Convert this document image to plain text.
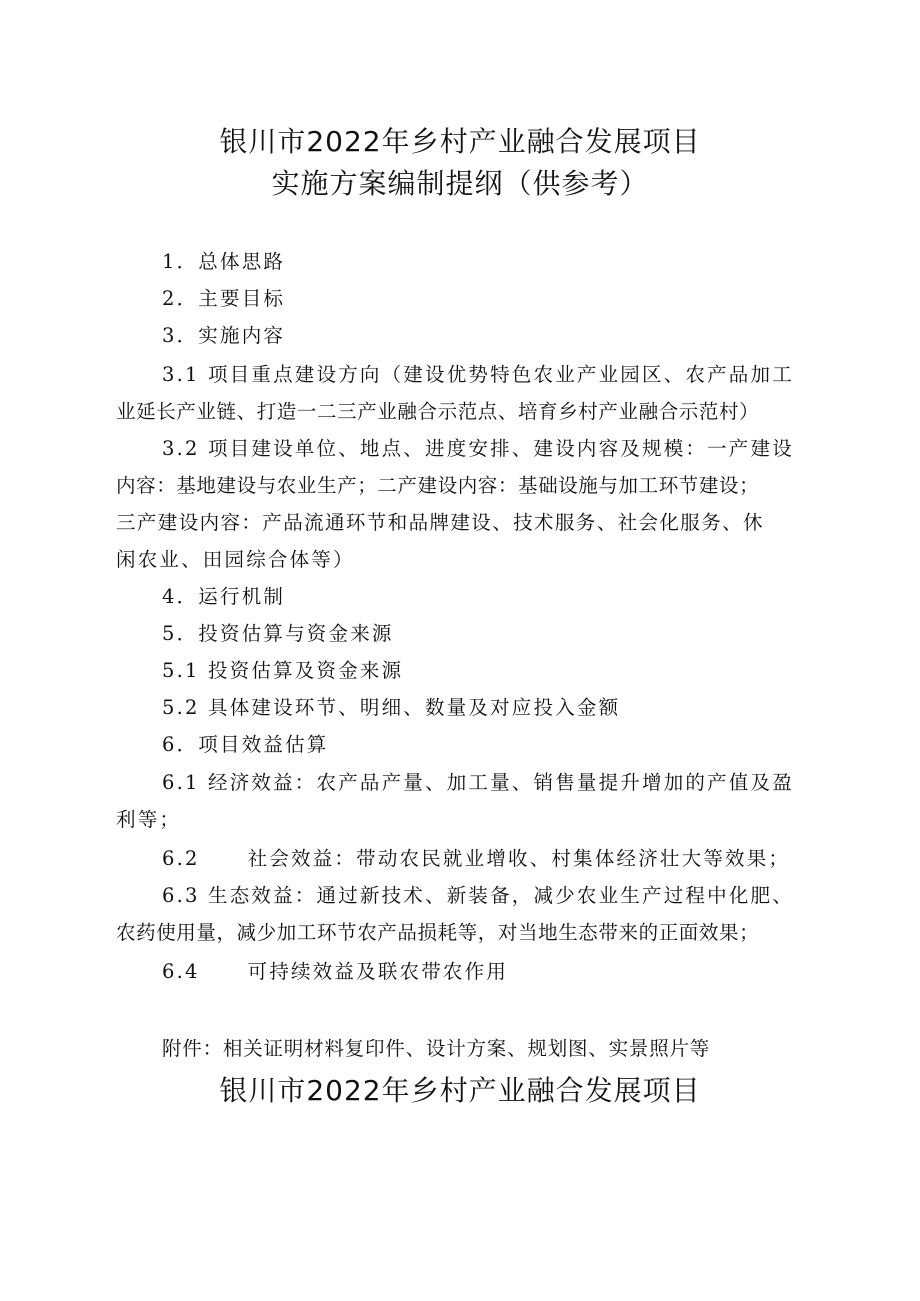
银川市2022年乡村产业融合发展项目
实施方案编制提纲（供参考）

1．总体思路

2．主要目标

3．实施内容

3.1 项目重点建设方向（建设优势特色农业产业园区、农产品加工

业延长产业链、打造一二三产业融合示范点、培育乡村产业融合示范村）

3.2 项目建设单位、地点、进度安排、建设内容及规模：一产建设

内容：基地建设与农业生产；二产建设内容：基础设施与加工环节建设；

三产建设内容：产品流通环节和品牌建设、技术服务、社会化服务、休

闲农业、田园综合体等）

4．运行机制

5．投资估算与资金来源

5.1 投资估算及资金来源

5.2 具体建设环节、明细、数量及对应投入金额

6．项目效益估算

6.1 经济效益：农产品产量、加工量、销售量提升增加的产值及盈

利等；

6.2 社会效益：带动农民就业增收、村集体经济壮大等效果；

6.3 生态效益：通过新技术、新装备，减少农业生产过程中化肥、

农药使用量，减少加工环节农产品损耗等，对当地生态带来的正面效果；

6.4 可持续效益及联农带农作用

附件：相关证明材料复印件、设计方案、规划图、实景照片等

银川市2022年乡村产业融合发展项目
